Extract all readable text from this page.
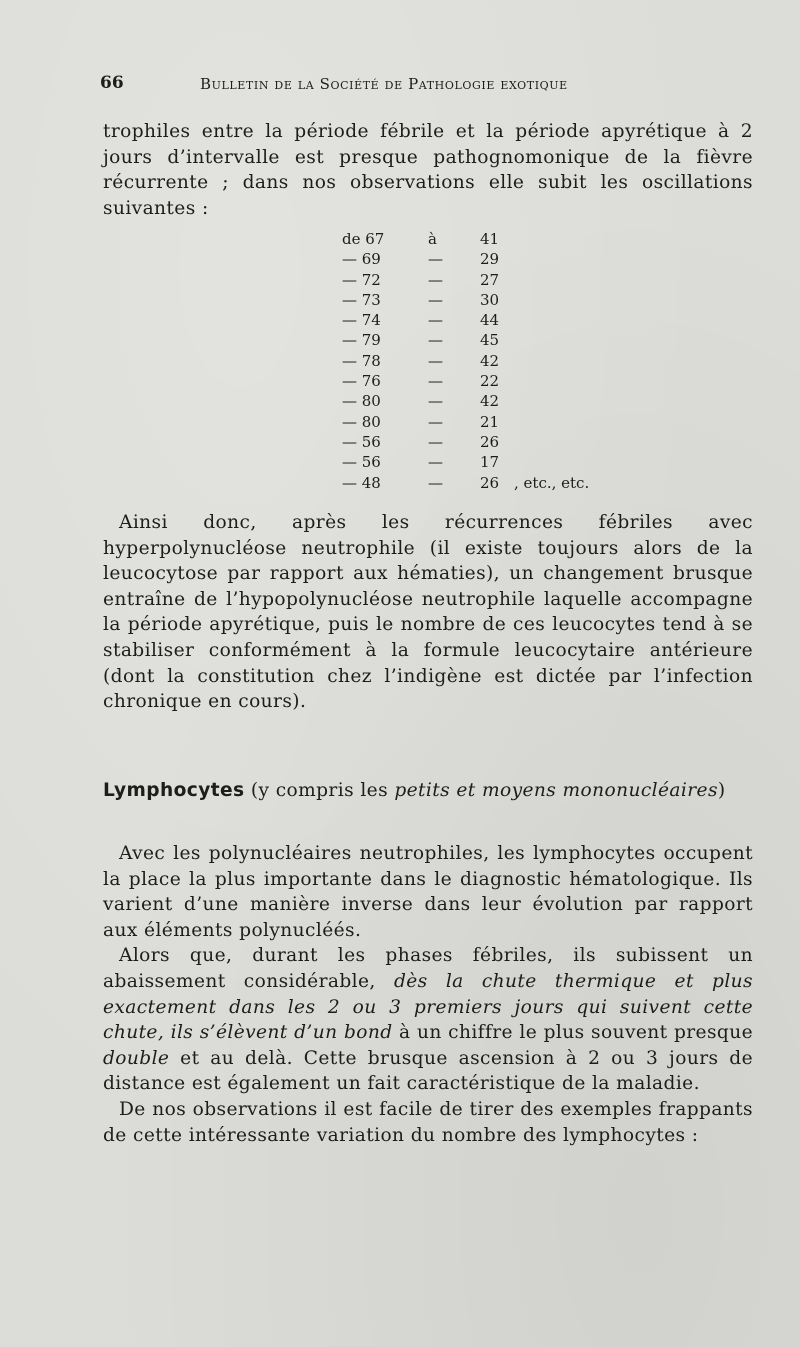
66	Bulletin de la Société de Pathologie exotique

trophiles entre la période fébrile et la période apyrétique à 2 jours d’intervalle est presque pathognomonique de la fièvre récurrente ; dans nos observations elle subit les oscillations suivantes :

de 67	à	41
— 69	— 29
— 72	— 27
— 73	— 30
— 74	— 44
— 79	— 45
— 78	— 42
— 76	— 22
— 80	— 42
— 80	— 21
— 56	— 26
— 56	— 17
— 48	— 26 , etc., etc.

Ainsi donc, après les récurrences fébriles avec hyperpolynucléose neutrophile (il existe toujours alors de la leucocytose par rapport aux hématies), un changement brusque entraîne de l’hypopolynucléose neutrophile laquelle accompagne la période apyrétique, puis le nombre de ces leucocytes tend à se stabiliser conformément à la formule leucocytaire antérieure (dont la constitution chez l’indigène est dictée par l’infection chronique en cours).

Lymphocytes (y compris les petits et moyens mononucléaires)

Avec les polynucléaires neutrophiles, les lymphocytes occupent la place la plus importante dans le diagnostic hématologique. Ils varient d’une manière inverse dans leur évolution par rapport aux éléments polynucléés.

Alors que, durant les phases fébriles, ils subissent un abaissement considérable, dès la chute thermique et plus exactement dans les 2 ou 3 premiers jours qui suivent cette chute, ils s’élèvent d’un bond à un chiffre le plus souvent presque double et au delà. Cette brusque ascension à 2 ou 3 jours de distance est également un fait caractéristique de la maladie.

De nos observations il est facile de tirer des exemples frappants de cette intéressante variation du nombre des lymphocytes :
